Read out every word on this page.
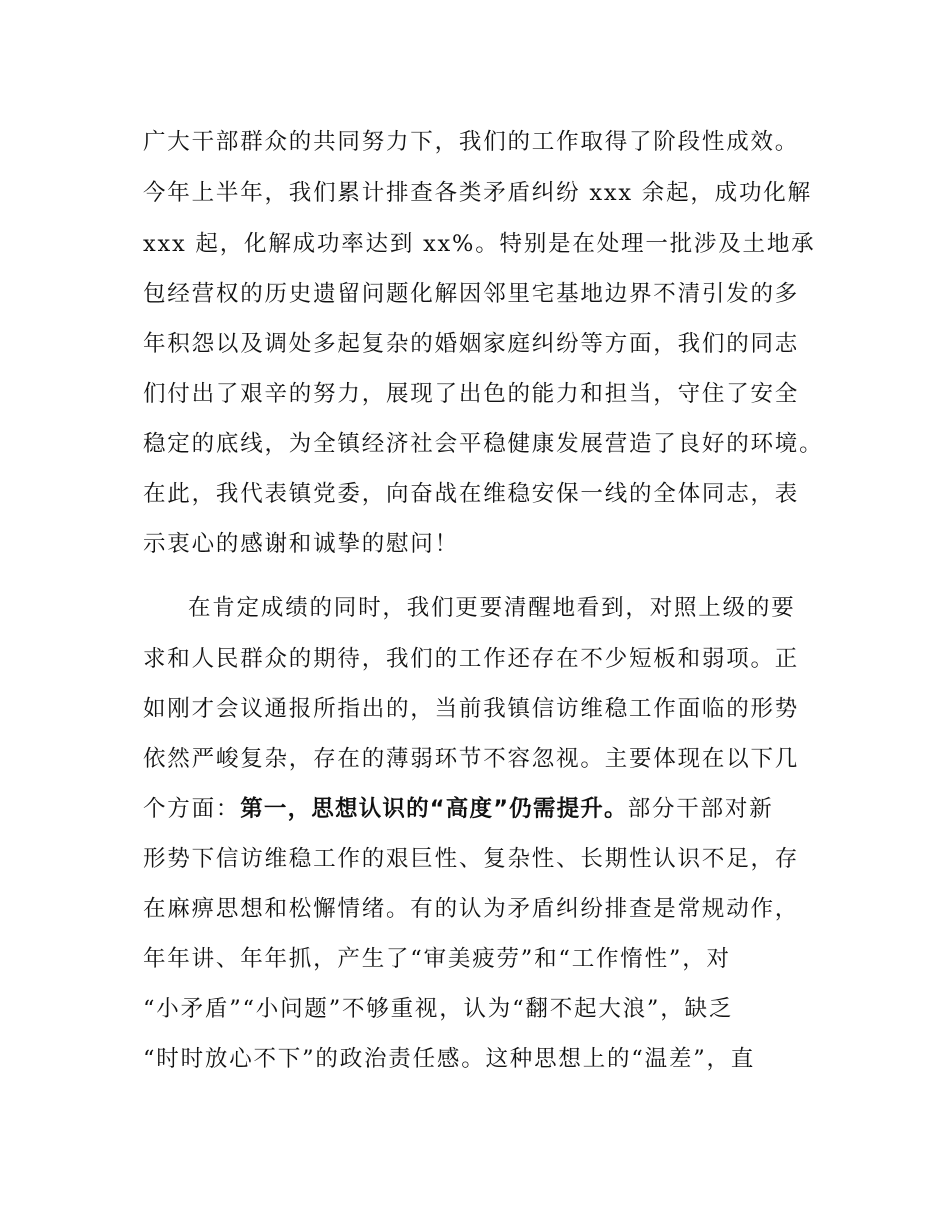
广大干部群众的共同努力下，我们的工作取得了阶段性成效。
今年上半年，我们累计排查各类矛盾纠纷 xxx 余起，成功化解
xxx 起，化解成功率达到 xx%。特别是在处理一批涉及土地承
包经营权的历史遗留问题化解因邻里宅基地边界不清引发的多
年积怨以及调处多起复杂的婚姻家庭纠纷等方面，我们的同志
们付出了艰辛的努力，展现了出色的能力和担当，守住了安全
稳定的底线，为全镇经济社会平稳健康发展营造了良好的环境。
在此，我代表镇党委，向奋战在维稳安保一线的全体同志，表
示衷心的感谢和诚挚的慰问！
在肯定成绩的同时，我们更要清醒地看到，对照上级的要
求和人民群众的期待，我们的工作还存在不少短板和弱项。正
如刚才会议通报所指出的，当前我镇信访维稳工作面临的形势
依然严峻复杂，存在的薄弱环节不容忽视。主要体现在以下几
个方面：第一，思想认识的“高度”仍需提升。部分干部对新
形势下信访维稳工作的艰巨性、复杂性、长期性认识不足，存
在麻痹思想和松懈情绪。有的认为矛盾纠纷排查是常规动作，
年年讲、年年抓，产生了“审美疲劳”和“工作惰性”，对
“小矛盾”“小问题”不够重视，认为“翻不起大浪”，缺乏
“时时放心不下”的政治责任感。这种思想上的“温差”，直
